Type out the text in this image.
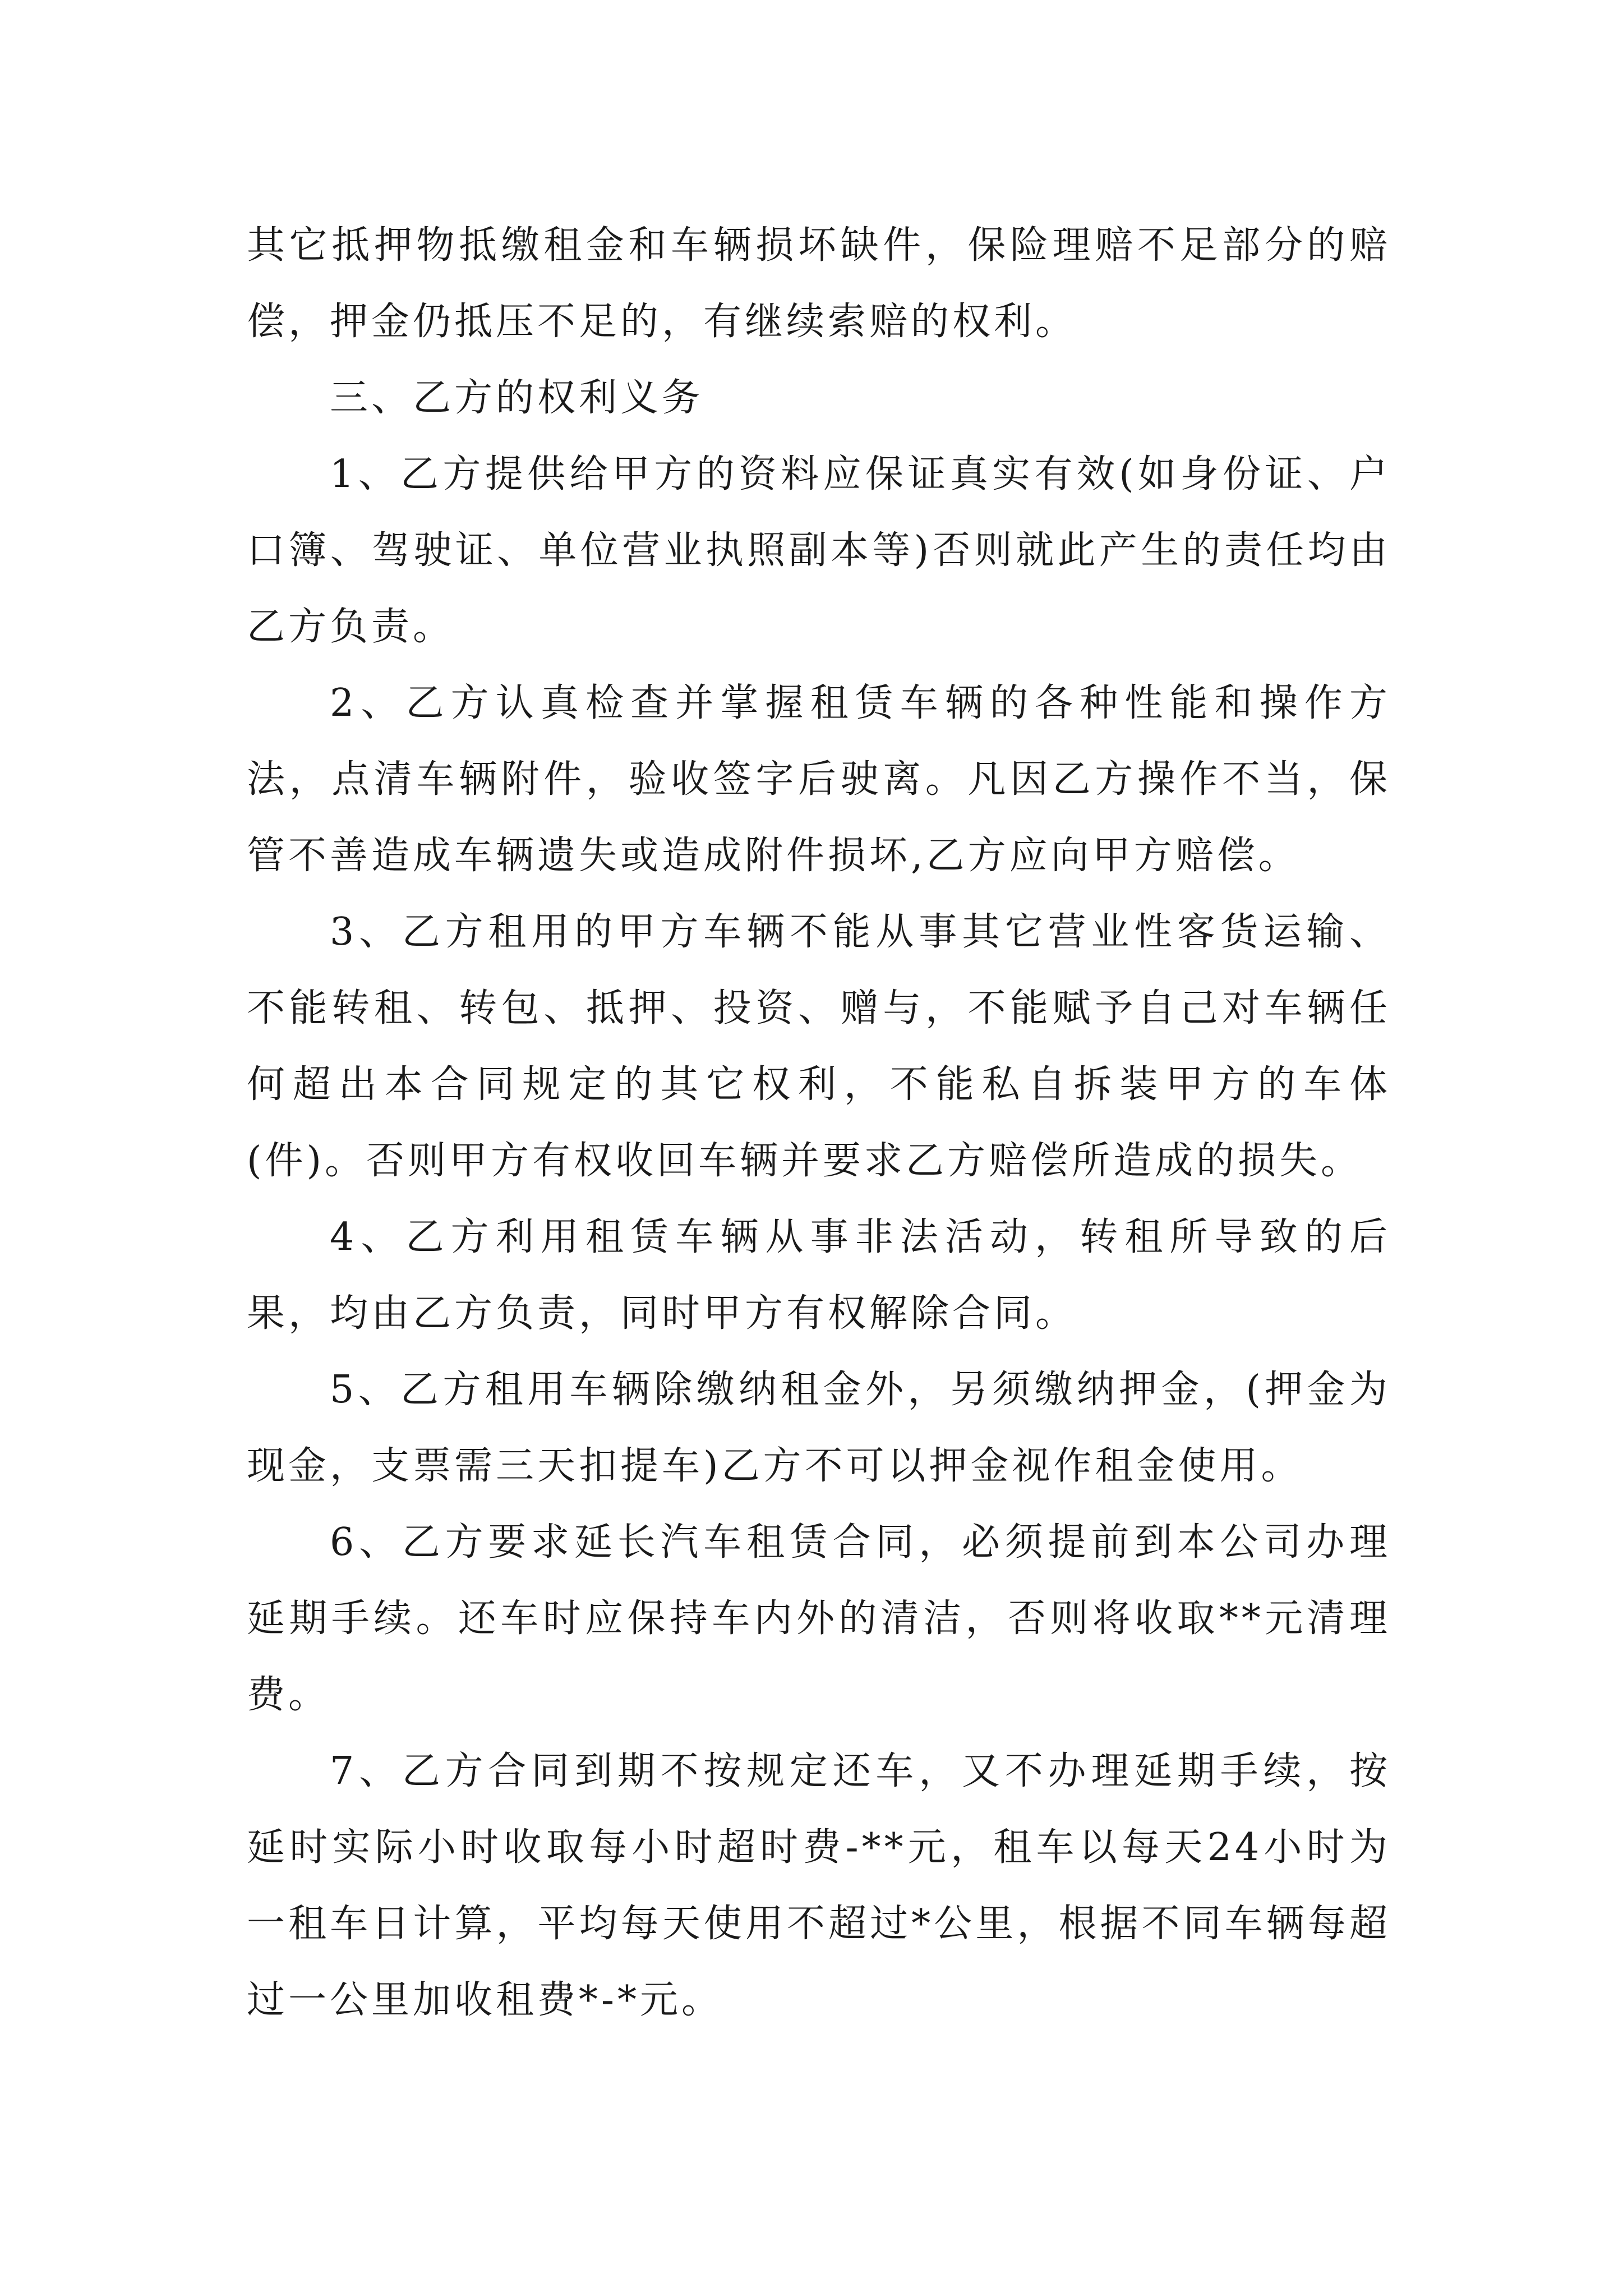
其它抵押物抵缴租金和车辆损坏缺件，保险理赔不足部分的赔偿，押金仍抵压不足的，有继续索赔的权利。

三、乙方的权利义务

1、乙方提供给甲方的资料应保证真实有效(如身份证、户口簿、驾驶证、单位营业执照副本等)否则就此产生的责任均由乙方负责。

2、乙方认真检查并掌握租赁车辆的各种性能和操作方法，点清车辆附件，验收签字后驶离。凡因乙方操作不当，保管不善造成车辆遗失或造成附件损坏,乙方应向甲方赔偿。

3、乙方租用的甲方车辆不能从事其它营业性客货运输、不能转租、转包、抵押、投资、赠与，不能赋予自己对车辆任何超出本合同规定的其它权利，不能私自拆装甲方的车体(件)。否则甲方有权收回车辆并要求乙方赔偿所造成的损失。

4、乙方利用租赁车辆从事非法活动，转租所导致的后果，均由乙方负责，同时甲方有权解除合同。

5、乙方租用车辆除缴纳租金外，另须缴纳押金，(押金为现金，支票需三天扣提车)乙方不可以押金视作租金使用。

6、乙方要求延长汽车租赁合同，必须提前到本公司办理延期手续。还车时应保持车内外的清洁，否则将收取**元清理费。

7、乙方合同到期不按规定还车，又不办理延期手续，按延时实际小时收取每小时超时费-**元，租车以每天24小时为一租车日计算，平均每天使用不超过*公里，根据不同车辆每超过一公里加收租费*-*元。
